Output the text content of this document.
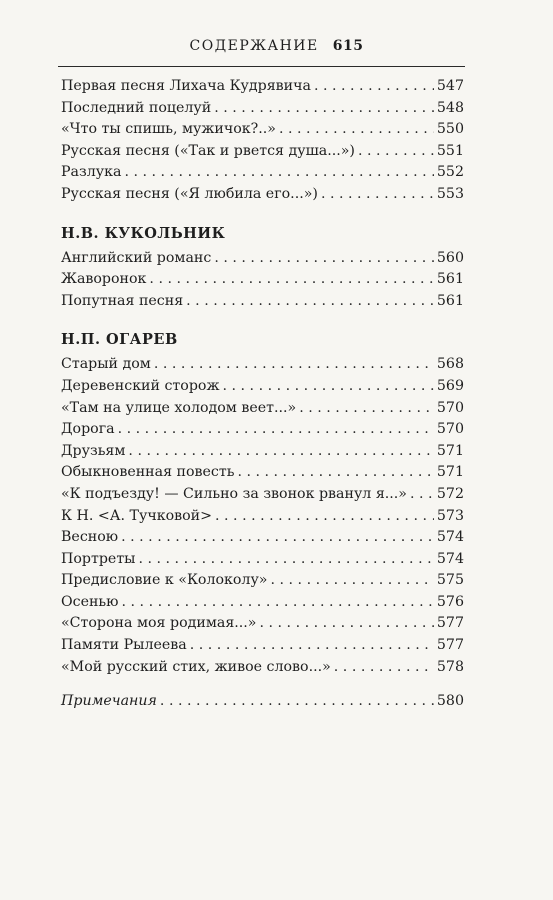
СОДЕРЖАНИЕ 615
Первая песня Лихача Кудрявича . . .	547
Последний поцелуй . . .	548
«Что ты спишь, мужичок?..» . . .	550
Русская песня («Так и рвется душа...») . . .	551
Разлука . . .	552
Русская песня («Я любила его...») . . .	553
Н.В. КУКОЛЬНИК
Английский романс . . .	560
Жаворонок . . .	561
Попутная песня . . .	561
Н.П. ОГАРЕВ
Старый дом . . .	568
Деревенский сторож . . .	569
«Там на улице холодом веет...» . . .	570
Дорога . . .	570
Друзьям . . .	571
Обыкновенная повесть . . .	571
«К подъезду! — Сильно за звонок рванул я...» . . . 572
К Н. <А. Тучковой> . . .	573
Весною . . .	574
Портреты . . .	574
Предисловие к «Колоколу» . . .	575
Осенью . . .	576
«Сторона моя родимая...» . . .	577
Памяти Рылеева . . .	577
«Мой русский стих, живое слово...» . . .	578
Примечания . . .	580
